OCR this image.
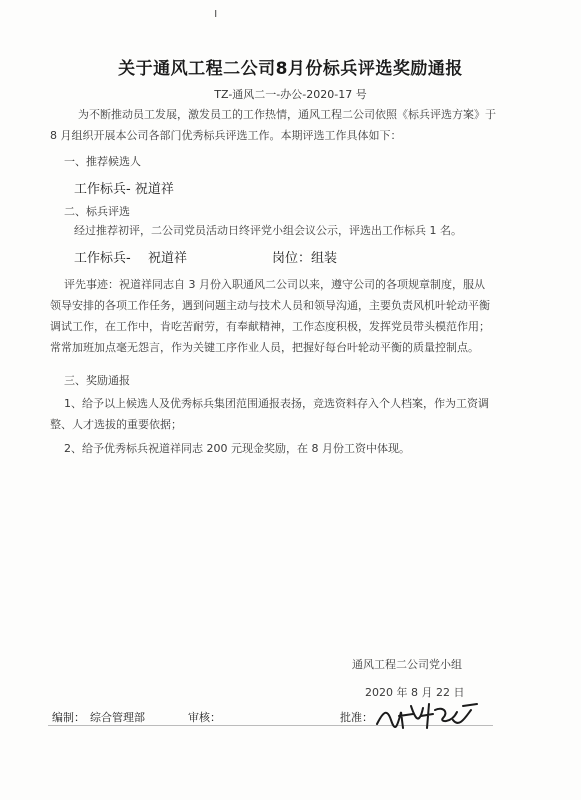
ı
关于通风工程二公司8月份标兵评选奖励通报
TZ-通风二一-办公-2020-17 号
为不断推动员工发展，激发员工的工作热情，通风工程二公司依照《标兵评选方案》于
8 月组织开展本公司各部门优秀标兵评选工作。本期评选工作具体如下：
一、推荐候选人
工作标兵- 祝道祥
二、标兵评选
经过推荐初评，二公司党员活动日终评党小组会议公示，评选出工作标兵 1 名。
工作标兵- 祝道祥	岗位：组装
评先事迹：祝道祥同志自 3 月份入职通风二公司以来，遵守公司的各项规章制度，服从
领导安排的各项工作任务，遇到问题主动与技术人员和领导沟通，主要负责风机叶轮动平衡
调试工作，在工作中，肯吃苦耐劳，有奉献精神，工作态度积极，发挥党员带头模范作用；
常常加班加点毫无怨言，作为关键工序作业人员，把握好每台叶轮动平衡的质量控制点。
三、奖励通报
1、给予以上候选人及优秀标兵集团范围通报表扬，竞选资料存入个人档案，作为工资调
整、人才选拔的重要依据；
2、给予优秀标兵祝道祥同志 200 元现金奖励，在 8 月份工资中体现。
通风工程二公司党小组
2020 年 8 月 22 日
编制： 综合管理部	审核：	批准：
